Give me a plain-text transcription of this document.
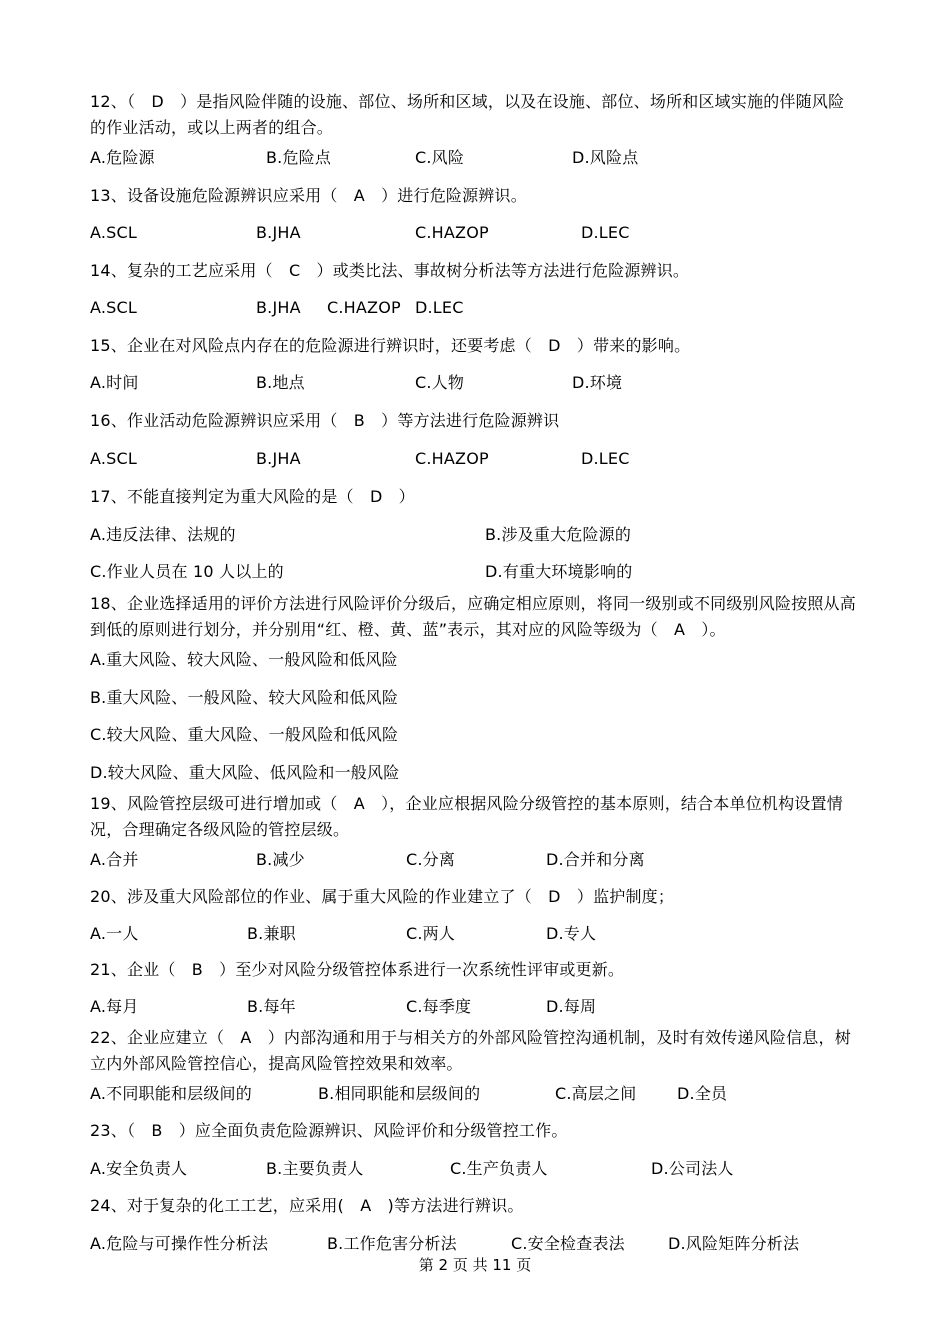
12、（　D　）是指风险伴随的设施、部位、场所和区域，以及在设施、部位、场所和区域实施的伴随风险的作业活动，或以上两者的组合。
A.危险源	B.危险点	C.风险	D.风险点
13、设备设施危险源辨识应采用（　A　）进行危险源辨识。
A.SCL	B.JHA	C.HAZOP	D.LEC
14、复杂的工艺应采用（　C　）或类比法、事故树分析法等方法进行危险源辨识。
A.SCL	B.JHA C.HAZOP D.LEC
15、企业在对风险点内存在的危险源进行辨识时，还要考虑（　D　）带来的影响。
A.时间	B.地点	C.人物	D.环境
16、作业活动危险源辨识应采用（　B　）等方法进行危险源辨识
A.SCL	B.JHA	C.HAZOP	D.LEC
17、不能直接判定为重大风险的是（　D　）
A.违反法律、法规的	B.涉及重大危险源的
C.作业人员在 10 人以上的	D.有重大环境影响的
18、企业选择适用的评价方法进行风险评价分级后，应确定相应原则，将同一级别或不同级别风险按照从高到低的原则进行划分，并分别用“红、橙、黄、蓝”表示，其对应的风险等级为（　A　）。
A.重大风险、较大风险、一般风险和低风险
B.重大风险、一般风险、较大风险和低风险
C.较大风险、重大风险、一般风险和低风险
D.较大风险、重大风险、低风险和一般风险
19、风险管控层级可进行增加或（　A　），企业应根据风险分级管控的基本原则，结合本单位机构设置情况，合理确定各级风险的管控层级。
A.合并	B.减少	C.分离	D.合并和分离
20、涉及重大风险部位的作业、属于重大风险的作业建立了（　D　）监护制度；
A.一人	B.兼职	C.两人	D.专人
21、企业（　B　）至少对风险分级管控体系进行一次系统性评审或更新。
A.每月	B.每年	C.每季度	D.每周
22、企业应建立（　A　）内部沟通和用于与相关方的外部风险管控沟通机制，及时有效传递风险信息，树立内外部风险管控信心，提高风险管控效果和效率。
A.不同职能和层级间的	B.相同职能和层级间的	C.高层之间	D.全员
23、（　B　）应全面负责危险源辨识、风险评价和分级管控工作。
A.安全负责人	B.主要负责人	C.生产负责人	D.公司法人
24、对于复杂的化工工艺，应采用(　A　)等方法进行辨识。
A.危险与可操作性分析法	B.工作危害分析法	C.安全检查表法	D.风险矩阵分析法
第 2 页 共 11 页
